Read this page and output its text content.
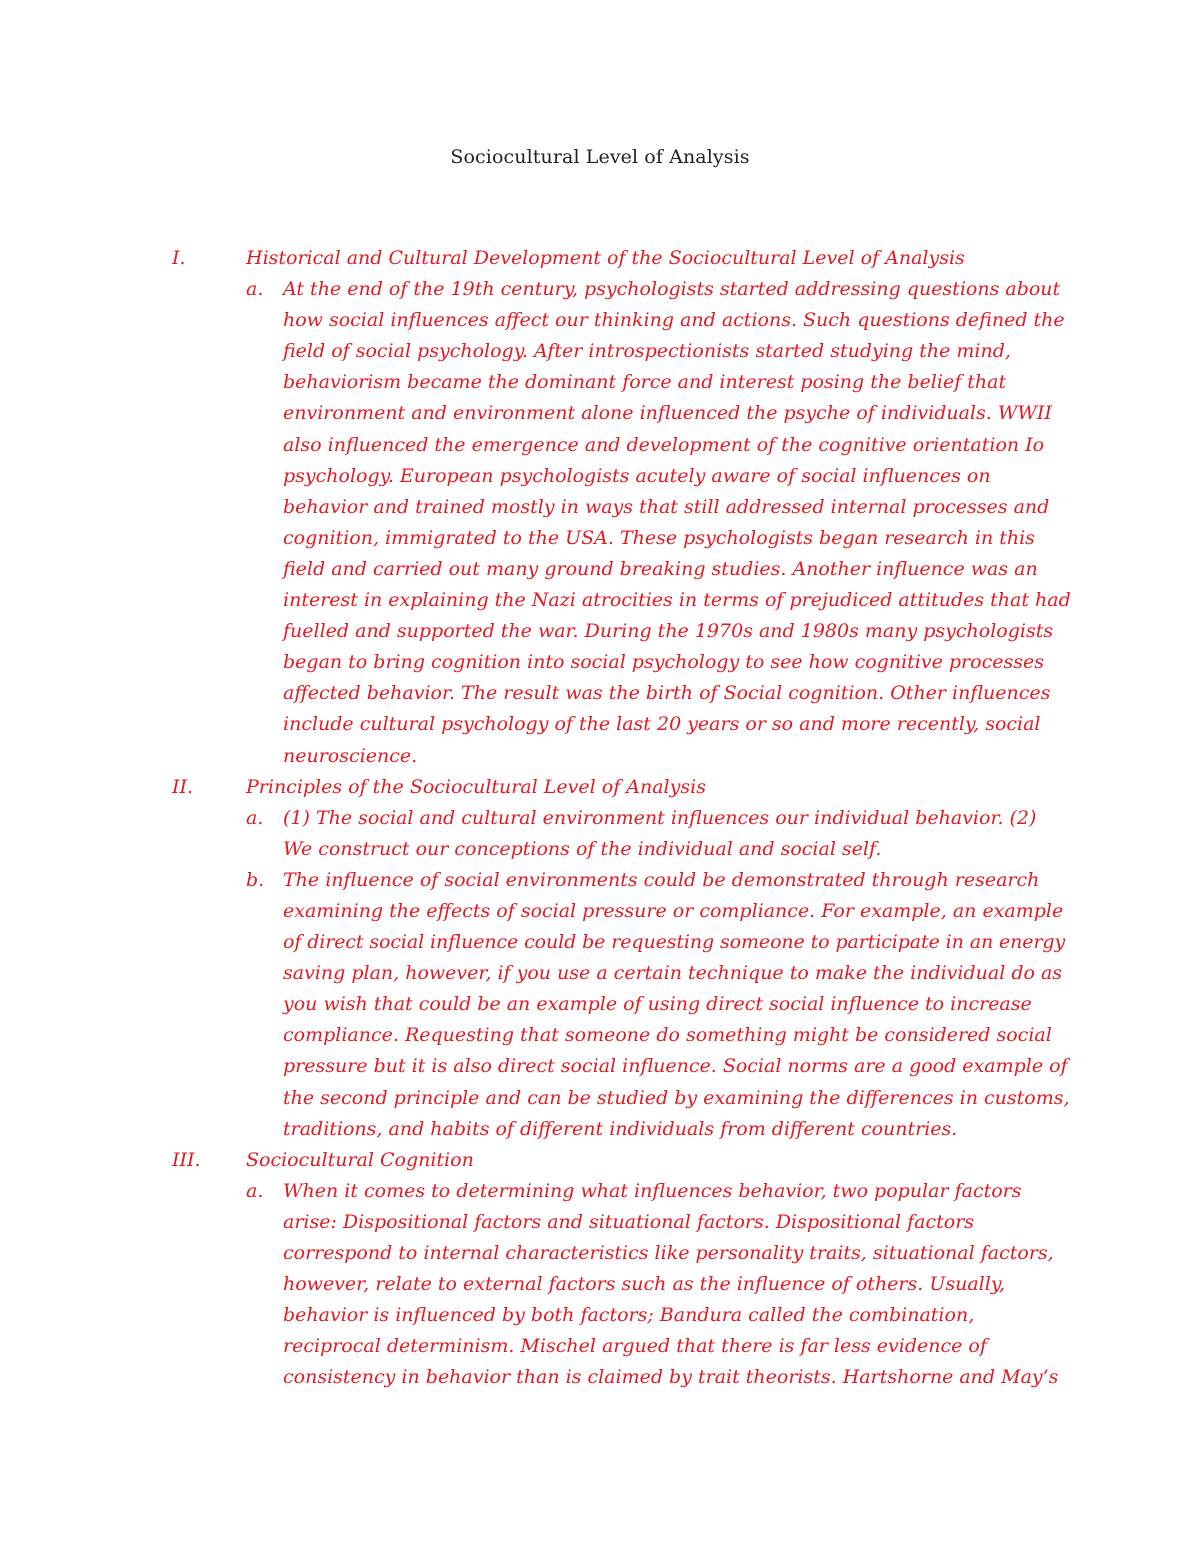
Sociocultural Level of Analysis
I.	Historical and Cultural Development of the Sociocultural Level of Analysis
a. At the end of the 19th century, psychologists started addressing questions about
how social influences affect our thinking and actions. Such questions defined the
field of social psychology. After introspectionists started studying the mind,
behaviorism became the dominant force and interest posing the belief that
environment and environment alone influenced the psyche of individuals. WWII
also influenced the emergence and development of the cognitive orientation Io
psychology. European psychologists acutely aware of social influences on
behavior and trained mostly in ways that still addressed internal processes and
cognition, immigrated to the USA. These psychologists began research in this
field and carried out many ground breaking studies. Another influence was an
interest in explaining the Nazi atrocities in terms of prejudiced attitudes that had
fuelled and supported the war. During the 1970s and 1980s many psychologists
began to bring cognition into social psychology to see how cognitive processes
affected behavior. The result was the birth of Social cognition. Other influences
include cultural psychology of the last 20 years or so and more recently, social
neuroscience.
II.	Principles of the Sociocultural Level of Analysis
a. (1) The social and cultural environment influences our individual behavior. (2)
We construct our conceptions of the individual and social self.
b. The influence of social environments could be demonstrated through research
examining the effects of social pressure or compliance. For example, an example
of direct social influence could be requesting someone to participate in an energy
saving plan, however, if you use a certain technique to make the individual do as
you wish that could be an example of using direct social influence to increase
compliance. Requesting that someone do something might be considered social
pressure but it is also direct social influence. Social norms are a good example of
the second principle and can be studied by examining the differences in customs,
traditions, and habits of different individuals from different countries.
III. Sociocultural Cognition
a. When it comes to determining what influences behavior, two popular factors
arise: Dispositional factors and situational factors. Dispositional factors
correspond to internal characteristics like personality traits, situational factors,
however, relate to external factors such as the influence of others. Usually,
behavior is influenced by both factors; Bandura called the combination,
reciprocal determinism. Mischel argued that there is far less evidence of
consistency in behavior than is claimed by trait theorists. Hartshorne and May’s
